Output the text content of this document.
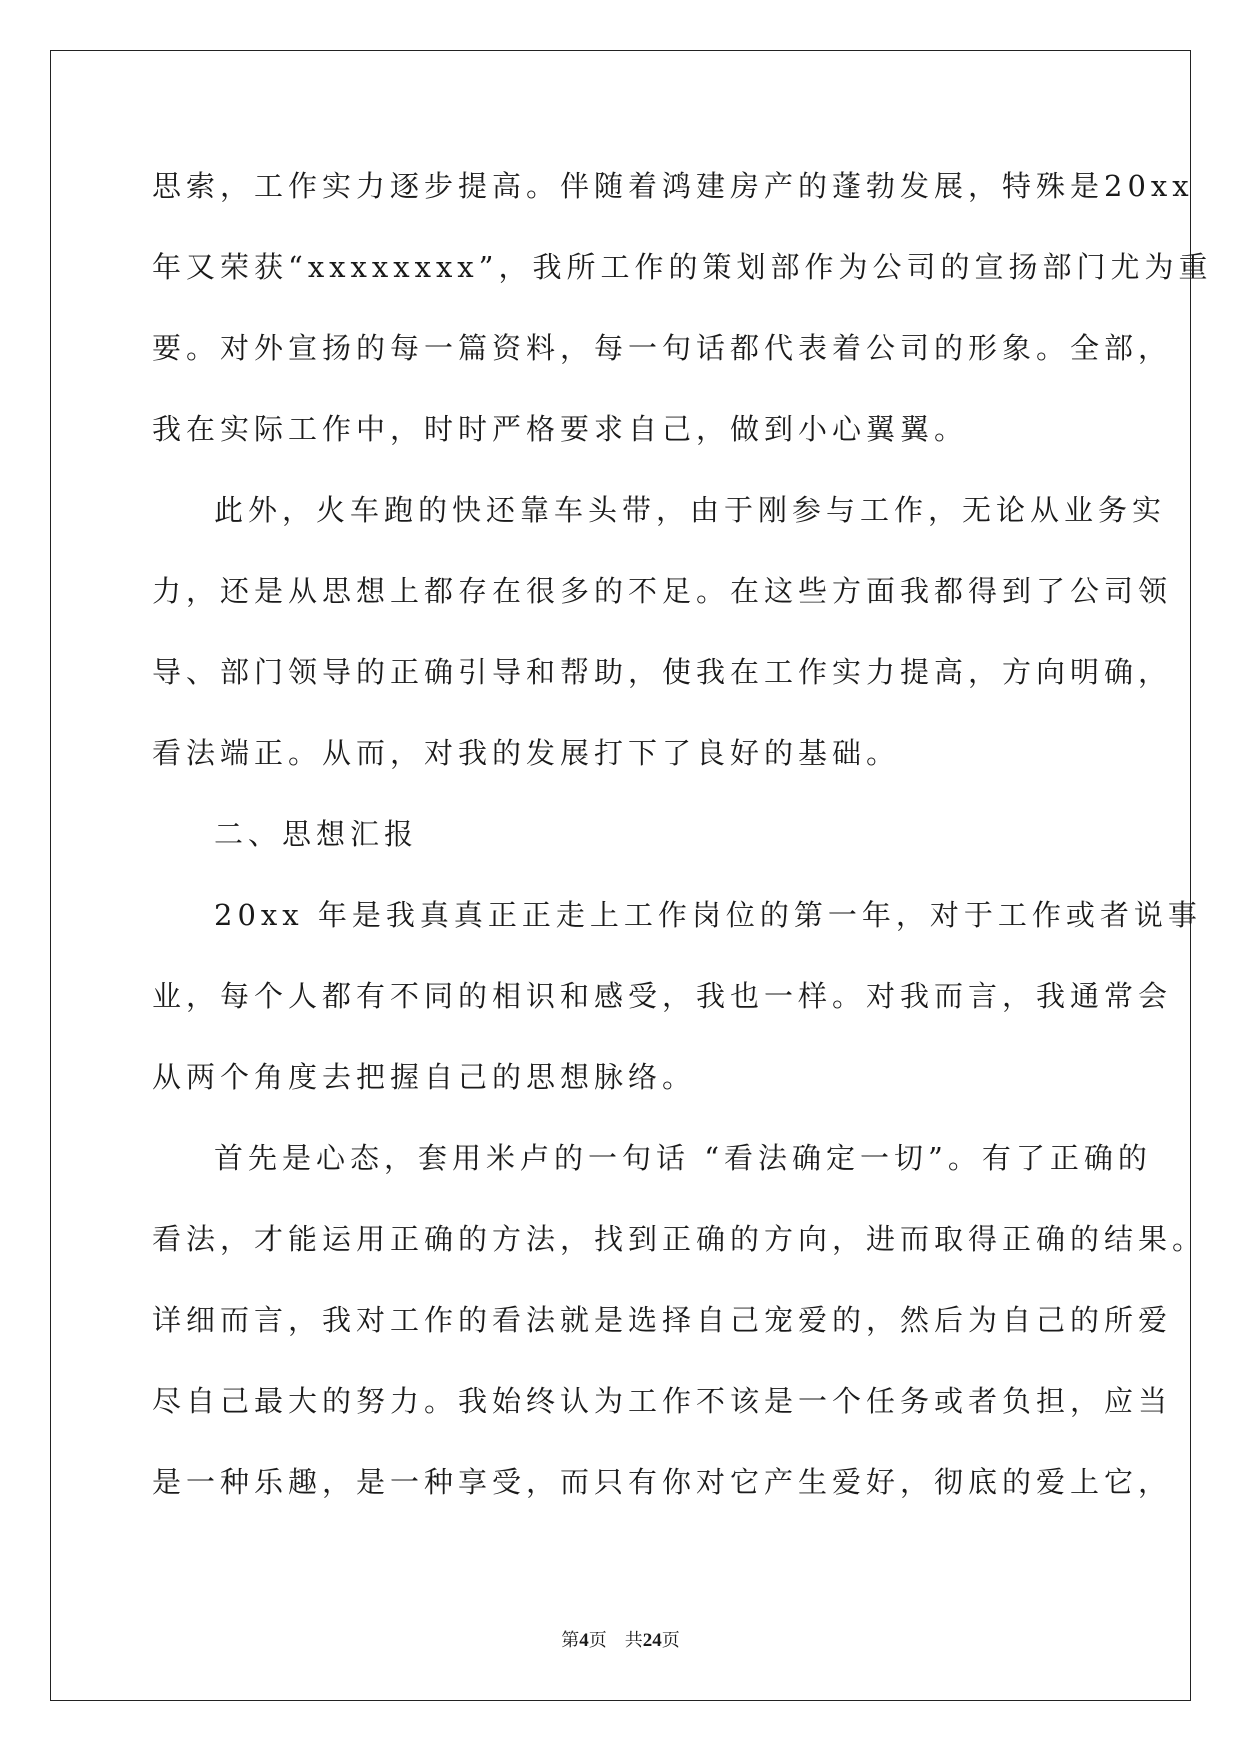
思索，工作实力逐步提高。伴随着鸿建房产的蓬勃发展，特殊是20xx
年又荣获“xxxxxxxx”，我所工作的策划部作为公司的宣扬部门尤为重
要。对外宣扬的每一篇资料，每一句话都代表着公司的形象。全部，
我在实际工作中，时时严格要求自己，做到小心翼翼。
此外，火车跑的快还靠车头带，由于刚参与工作，无论从业务实
力，还是从思想上都存在很多的不足。在这些方面我都得到了公司领
导、部门领导的正确引导和帮助，使我在工作实力提高，方向明确，
看法端正。从而，对我的发展打下了良好的基础。
二、思想汇报
20xx 年是我真真正正走上工作岗位的第一年，对于工作或者说事
业，每个人都有不同的相识和感受，我也一样。对我而言，我通常会
从两个角度去把握自己的思想脉络。
首先是心态，套用米卢的一句话 “看法确定一切”。有了正确的
看法，才能运用正确的方法，找到正确的方向，进而取得正确的结果。
详细而言，我对工作的看法就是选择自己宠爱的，然后为自己的所爱
尽自己最大的努力。我始终认为工作不该是一个任务或者负担，应当
是一种乐趣，是一种享受，而只有你对它产生爱好，彻底的爱上它，
第4页 共24页
